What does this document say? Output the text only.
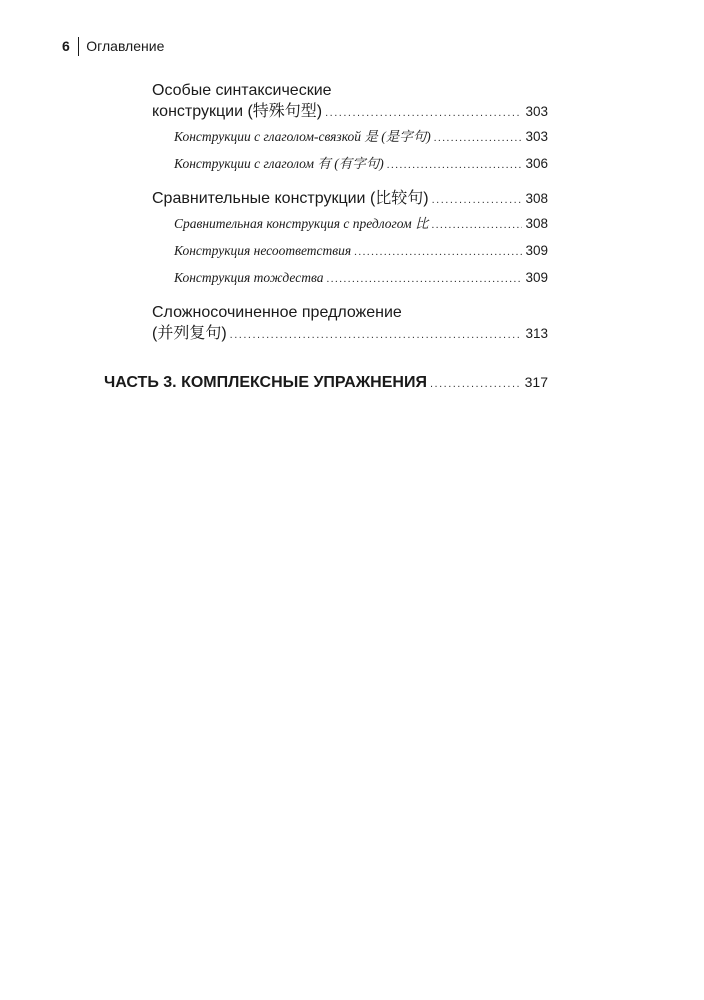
6 Оглавление
Особые синтаксические
конструкции (特殊句型) .....	303
Конструкции с глаголом-связкой 是 (是字句) .....	303
Конструкции с глаголом 有 (有字句) .....	306
Сравнительные конструкции (比较句) .....	308
Сравнительная конструкция с предлогом 比 .....	308
Конструкция несоответствия .....	309
Конструкция тождества .....	309
Сложносочиненное предложение
(并列复句) .....	313
ЧАСТЬ 3. КОМПЛЕКСНЫЕ УПРАЖНЕНИЯ .....	317
